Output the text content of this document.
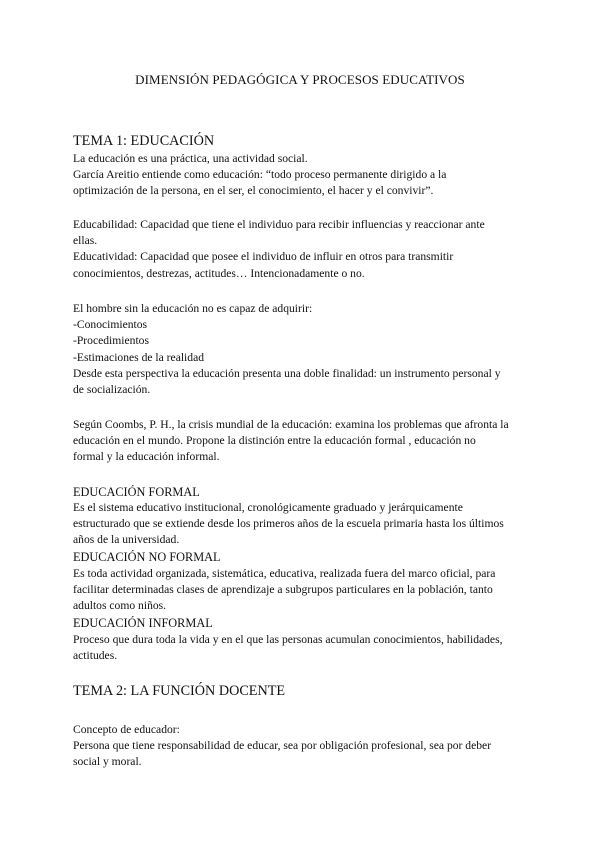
DIMENSIÓN PEDAGÓGICA Y PROCESOS EDUCATIVOS
TEMA 1: EDUCACIÓN
La educación es una práctica, una actividad social.
García Areitio entiende como educación: “todo proceso permanente dirigido a la
optimización de la persona, en el ser, el conocimiento, el hacer y el convivir”.
Educabilidad: Capacidad que tiene el individuo para recibir influencias y reaccionar ante
ellas.
Educatividad: Capacidad que posee el individuo de influir en otros para transmitir
conocimientos, destrezas, actitudes… Intencionadamente o no.
El hombre sin la educación no es capaz de adquirir:
-Conocimientos
-Procedimientos
-Estimaciones de la realidad
Desde esta perspectiva la educación presenta una doble finalidad: un instrumento personal y
de socialización.
Según Coombs, P. H., la crisis mundial de la educación: examina los problemas que afronta la
educación en el mundo. Propone la distinción entre la educación formal , educación no
formal y la educación informal.
EDUCACIÓN FORMAL
Es el sistema educativo institucional, cronológicamente graduado y jerárquicamente
estructurado que se extiende desde los primeros años de la escuela primaria hasta los últimos
años de la universidad.
EDUCACIÓN NO FORMAL
Es toda actividad organizada, sistemática, educativa, realizada fuera del marco oficial, para
facilitar determinadas clases de aprendizaje a subgrupos particulares en la población, tanto
adultos como niños.
EDUCACIÓN INFORMAL
Proceso que dura toda la vida y en el que las personas acumulan conocimientos, habilidades,
actitudes.
TEMA 2: LA FUNCIÓN DOCENTE
Concepto de educador:
Persona que tiene responsabilidad de educar, sea por obligación profesional, sea por deber
social y moral.
